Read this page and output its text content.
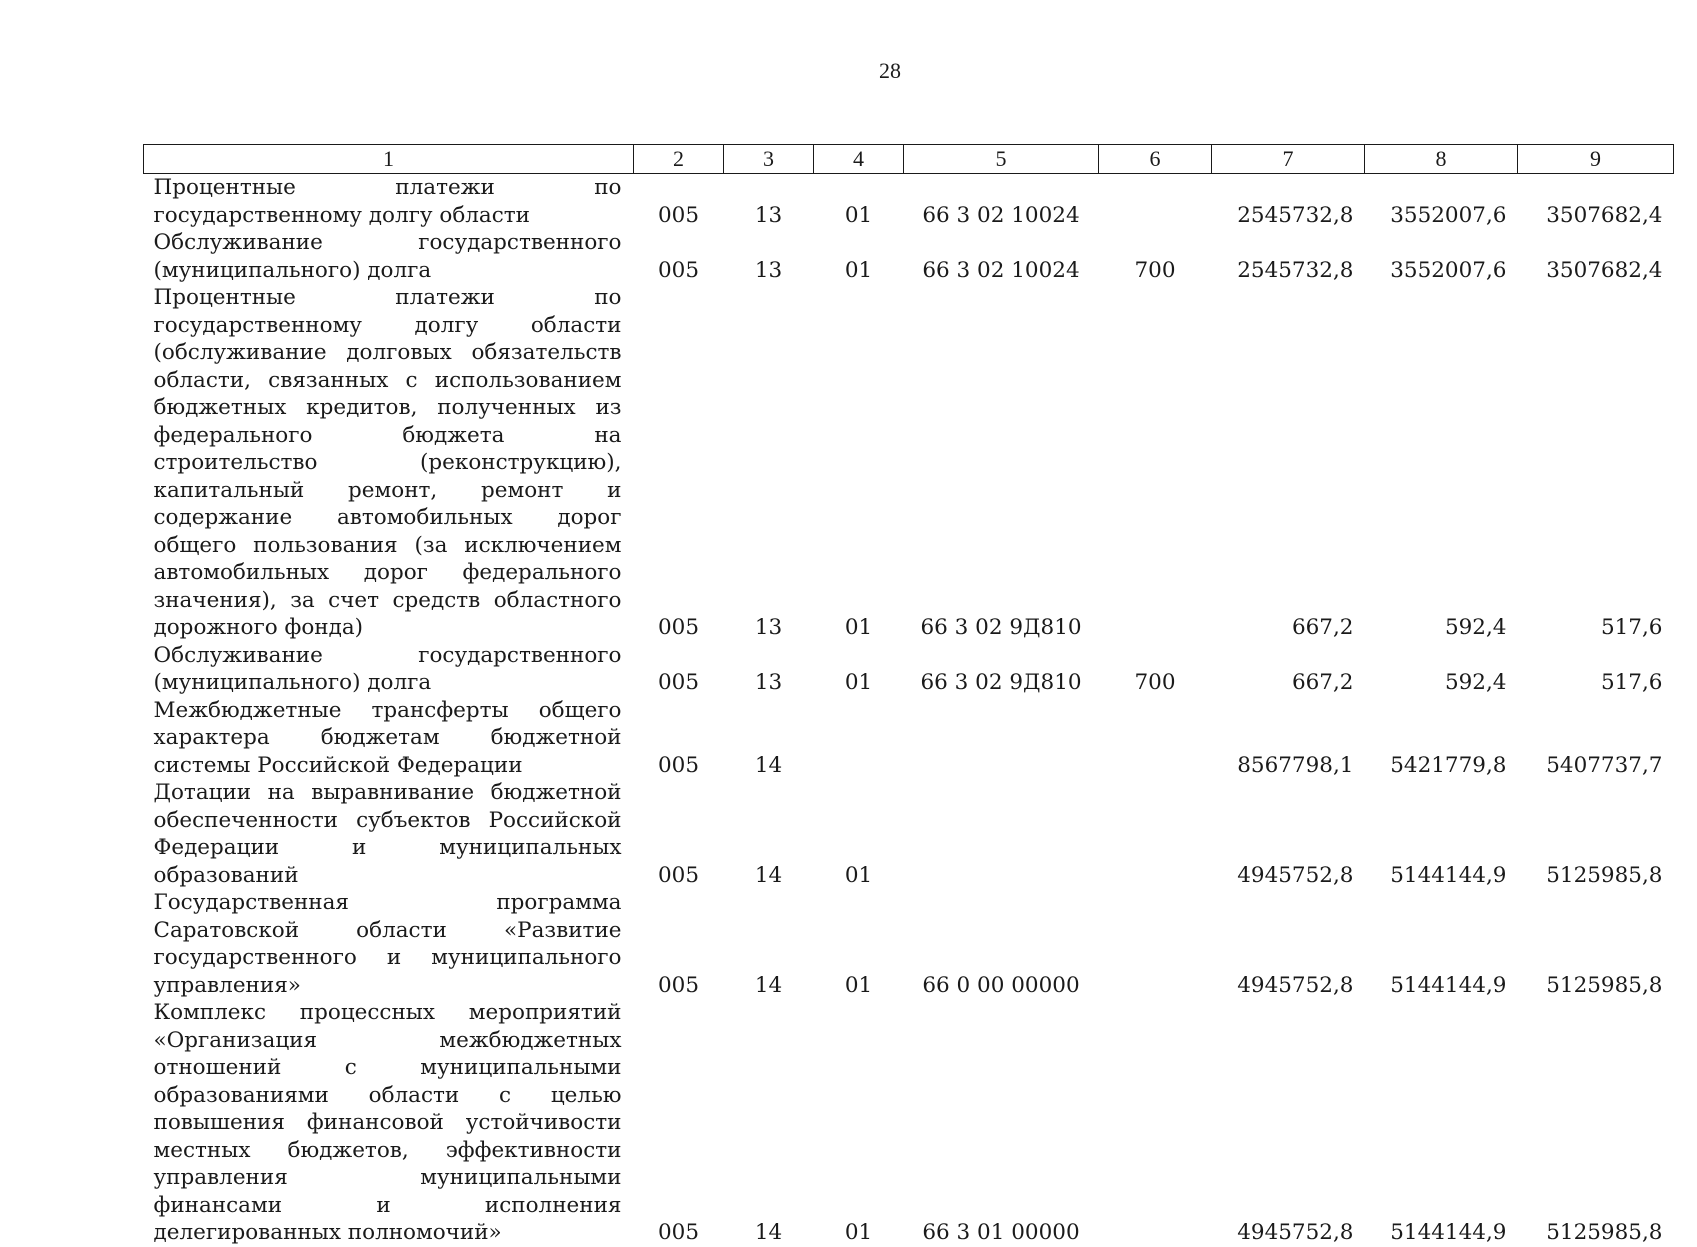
28
1	2	3	4	5	6	7	8	9
Процентные платежи по государственному долгу области	005	13	01	66 3 02 10024		2545732,8	3552007,6	3507682,4
Обслуживание государственного (муниципального) долга	005	13	01	66 3 02 10024	700	2545732,8	3552007,6	3507682,4
Процентные платежи по государственному долгу области (обслуживание долговых обязательств области, связанных с использованием бюджетных кредитов, полученных из федерального бюджета на строительство (реконструкцию), капитальный ремонт, ремонт и содержание автомобильных дорог общего пользования (за исключением автомобильных дорог федерального значения), за счет средств областного дорожного фонда)	005	13	01	66 3 02 9Д810		667,2	592,4	517,6
Обслуживание государственного (муниципального) долга	005	13	01	66 3 02 9Д810	700	667,2	592,4	517,6
Межбюджетные трансферты общего характера бюджетам бюджетной системы Российской Федерации	005	14				8567798,1	5421779,8	5407737,7
Дотации на выравнивание бюджетной обеспеченности субъектов Российской Федерации и муниципальных образований	005	14	01			4945752,8	5144144,9	5125985,8
Государственная программа Саратовской области «Развитие государственного и муниципального управления»	005	14	01	66 0 00 00000		4945752,8	5144144,9	5125985,8
Комплекс процессных мероприятий «Организация межбюджетных отношений с муниципальными образованиями области с целью повышения финансовой устойчивости местных бюджетов, эффективности управления муниципальными финансами и исполнения делегированных полномочий»	005	14	01	66 3 01 00000		4945752,8	5144144,9	5125985,8
